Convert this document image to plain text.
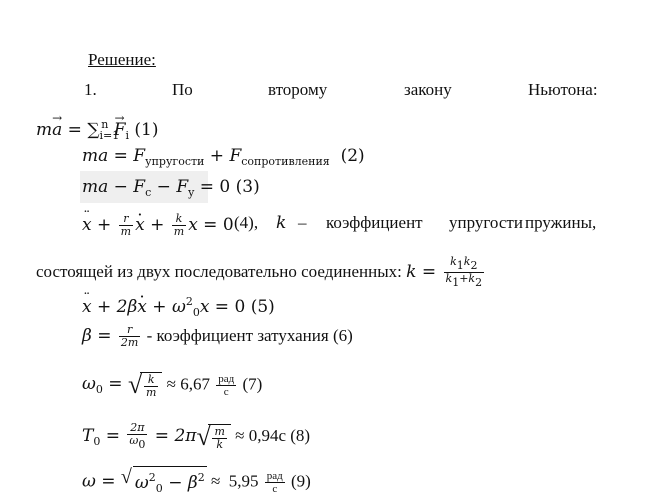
Решение:
1.	По	второму	закону	Ньютона:
$m\to a = \sum_{i=1}^n \to F_i$ (1)
ma = $F_{упругости} + F_{сопротивления}$ (2)
ma − $F_c - F_y = 0$ (3)
¨ $x + \frac{r}{m}$
· $x + \frac{k}{m}$ x = 0 (4), k – коэффициент упругости пружины,
состоящей из двух последовательно соединенных: $k = \frac{k1k2}{k1+k2}$
¨ $x + 2\beta\cdot x + \omega^2_0x = 0$ (5)
$\beta = \frac{r}{2m}$ - коэффициент затухания (6)
$\omega_0$ = √ $\frac{k}{m} \approx 6,67 \frac{\text{рад}}{с} (7)$
$T_0 = \frac{2\pi}{\omega 0} = 2\pi$ √ $\frac{m}{k} \approx 0,94с$ (8)
ω = √ $\omega^2_0 - \beta^2 \approx 5,95 \frac{\text{рад}}{с} (9)$
